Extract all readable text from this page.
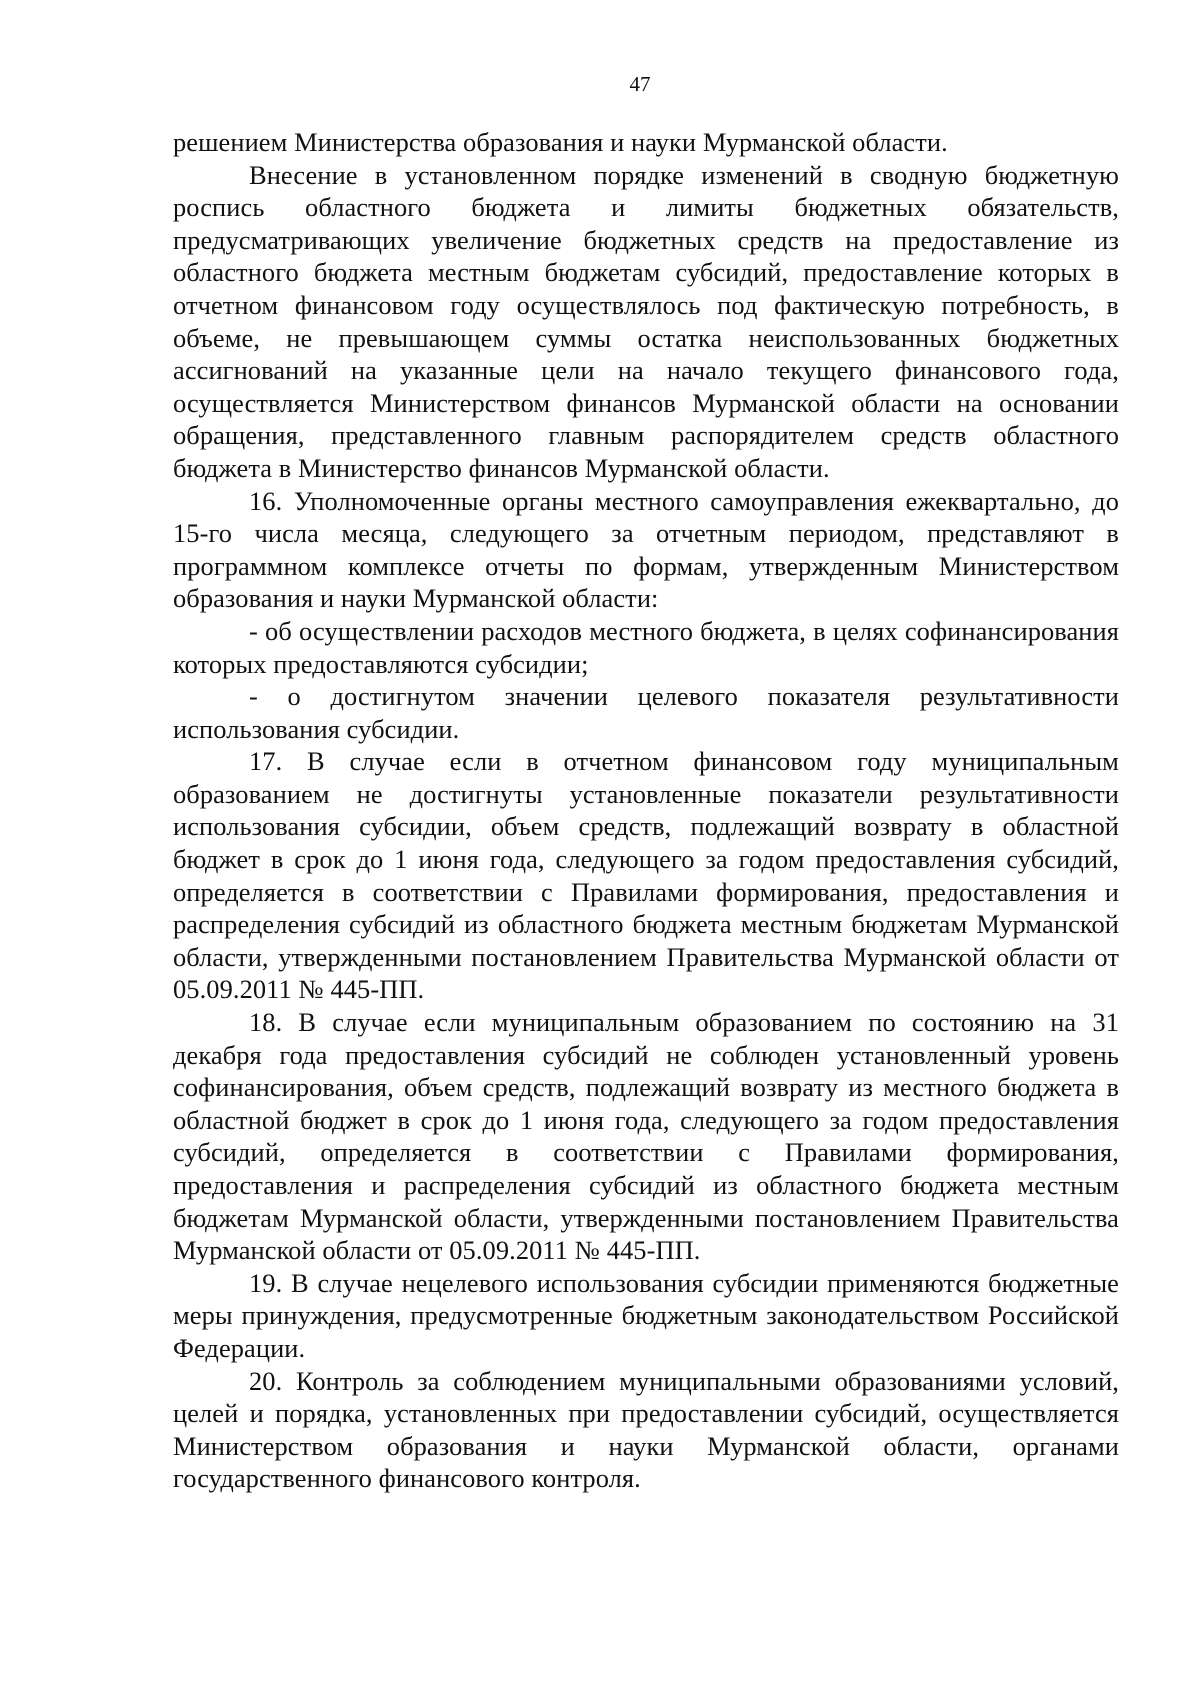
47

решением Министерства образования и науки Мурманской области.

Внесение в установленном порядке изменений в сводную бюджетную роспись областного бюджета и лимиты бюджетных обязательств, предусматривающих увеличение бюджетных средств на предоставление из областного бюджета местным бюджетам субсидий, предоставление которых в отчетном финансовом году осуществлялось под фактическую потребность, в объеме, не превышающем суммы остатка неиспользованных бюджетных ассигнований на указанные цели на начало текущего финансового года, осуществляется Министерством финансов Мурманской области на основании обращения, представленного главным распорядителем средств областного бюджета в Министерство финансов Мурманской области.

16. Уполномоченные органы местного самоуправления ежеквартально, до 15-го числа месяца, следующего за отчетным периодом, представляют в программном комплексе отчеты по формам, утвержденным Министерством образования и науки Мурманской области:

- об осуществлении расходов местного бюджета, в целях софинансирования которых предоставляются субсидии;

- о достигнутом значении целевого показателя результативности использования субсидии.

17. В случае если в отчетном финансовом году муниципальным образованием не достигнуты установленные показатели результативности использования субсидии, объем средств, подлежащий возврату в областной бюджет в срок до 1 июня года, следующего за годом предоставления субсидий, определяется в соответствии с Правилами формирования, предоставления и распределения субсидий из областного бюджета местным бюджетам Мурманской области, утвержденными постановлением Правительства Мурманской области от 05.09.2011 № 445-ПП.

18. В случае если муниципальным образованием по состоянию на 31 декабря года предоставления субсидий не соблюден установленный уровень софинансирования, объем средств, подлежащий возврату из местного бюджета в областной бюджет в срок до 1 июня года, следующего за годом предоставления субсидий, определяется в соответствии с Правилами формирования, предоставления и распределения субсидий из областного бюджета местным бюджетам Мурманской области, утвержденными постановлением Правительства Мурманской области от 05.09.2011 № 445-ПП.

19. В случае нецелевого использования субсидии применяются бюджетные меры принуждения, предусмотренные бюджетным законодательством Российской Федерации.

20. Контроль за соблюдением муниципальными образованиями условий, целей и порядка, установленных при предоставлении субсидий, осуществляется Министерством образования и науки Мурманской области, органами государственного финансового контроля.
